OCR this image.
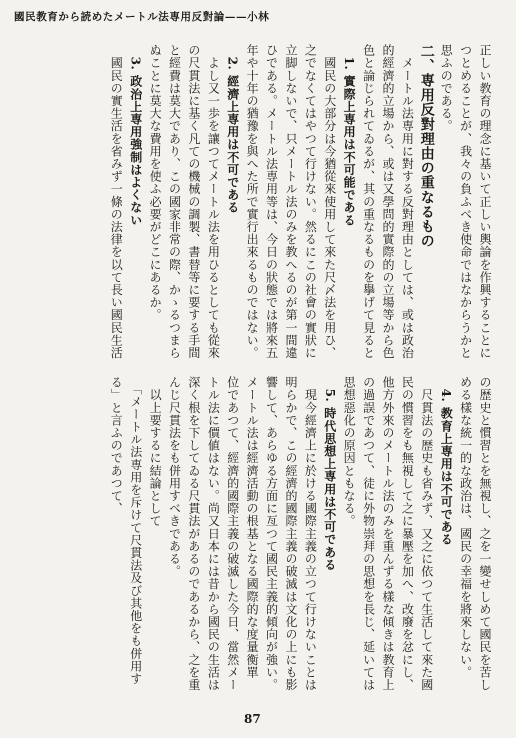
國民教育から読めたメートル法専用反對論——小林
正しい教育の理念に基いて正しい輿論を作興することに
つとめることが、我々の負ふべき使命ではなからうかと
思ふのである。
二、専用反對理由の重なるもの
　メートル法専用に對する反對理由としては、或は政治
的經濟的立場から、或は又學問的實際的の立場等から色
色と論じられてゐるが、其の重なるものを擧げて見ると
　1. 實際上専用は不可能である
　國民の大部分は今猶從來使用して來た尺〆法を用ひ、
之でなくてはやつて行けない。然るにこの社會の實狀に
立脚しないで、只メートル法のみを教へるのが第一間違
ひである。メートル法専用等は、今日の狀態では將來五
年や十年の猶豫を與へた所で實行出來るものではない。
　2. 經濟上専用は不可である
　よし又一歩を讓つてメートル法を用ひるとしても從來
の尺貫法に基く凡ての機械の調製、書替等に要する手間
と經費は莫大であり、この國家非常の際、かゝるつまら
ぬことに莫大な費用を使ふ必要がどこにあるか。
　3. 政治上専用強制はよくない
　國民の實生活を省みず一條の法律を以て長い國民生活
の歴史と慣習とを無視し、之を一變せしめて國民を苦し
める樣な統一的な政治は、國民の幸福を將來しない。
　4. 教育上専用は不可である
　尺貫法の歴史も省みず、又之に依つて生活して來た國
民の慣習をも無視して之に暴壓を加へ、改廢を忿にし、
他方外來のメートル法のみを重んずる樣な傾きは教育上
の過誤であつて、徒に外物崇拜の思想を長じ、延いては
思想惡化の原因ともなる。
　5. 時代思想上専用は不可である
　現今經濟上に於ける國際主義の立つて行けないことは
明らかで、この經濟的國際主義の破滅は文化の上にも影
響して、あらゆる方面に亙つて國民主義的傾向が強い。
メートル法は經濟活動の根基となる國際的な度量衡單
位であつて、經濟的國際主義の破滅した今日、當然メー
トル法に價値はない。尚又日本には昔から國民の生活は
深く根を下してゐる尺貫法があるのであるから、之を重
んじ尺貫法をも併用すべきである。
　以上要するに結論として
　「メートル法専用を斥けて尺貫法及び其他をも併用す
る」と言ふのであつて、
87
